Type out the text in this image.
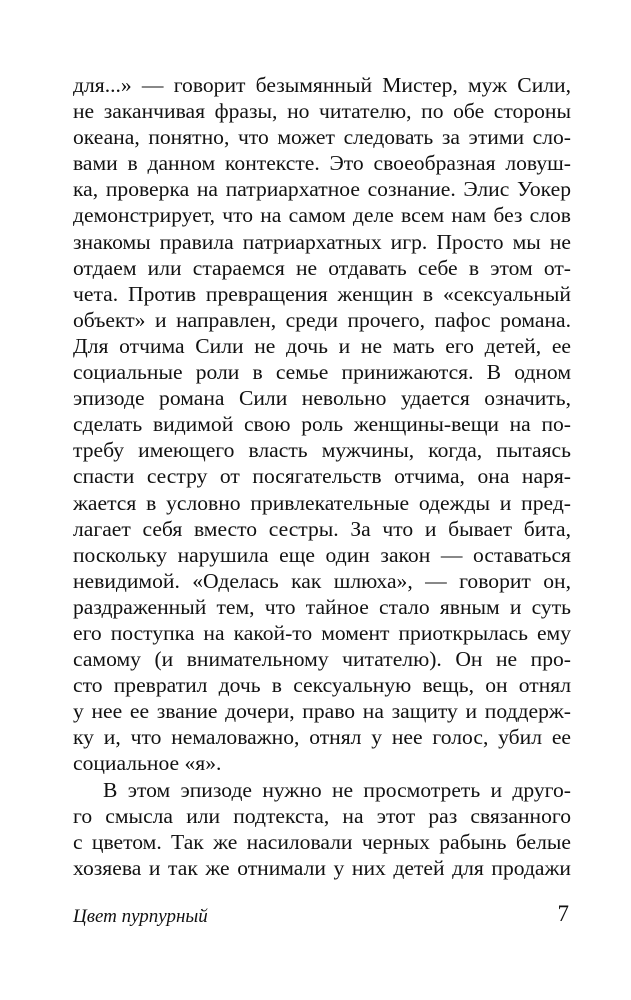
для...» — говорит безымянный Мистер, муж Сили,
не заканчивая фразы, но читателю, по обе стороны
океана, понятно, что может следовать за этими сло-
вами в данном контексте. Это своеобразная ловуш-
ка, проверка на патриархатное сознание. Элис Уокер
демонстрирует, что на самом деле всем нам без слов
знакомы правила патриархатных игр. Просто мы не
отдаем или стараемся не отдавать себе в этом от-
чета. Против превращения женщин в «сексуальный
объект» и направлен, среди прочего, пафос романа.
Для отчима Сили не дочь и не мать его детей, ее
социальные роли в семье принижаются. В одном
эпизоде романа Сили невольно удается означить,
сделать видимой свою роль женщины-вещи на по-
требу имеющего власть мужчины, когда, пытаясь
спасти сестру от посягательств отчима, она наря-
жается в условно привлекательные одежды и пред-
лагает себя вместо сестры. За что и бывает бита,
поскольку нарушила еще один закон — оставаться
невидимой. «Оделась как шлюха», — говорит он,
раздраженный тем, что тайное стало явным и суть
его поступка на какой-то момент приоткрылась ему
самому (и внимательному читателю). Он не про-
сто превратил дочь в сексуальную вещь, он отнял
у нее ее звание дочери, право на защиту и поддерж-
ку и, что немаловажно, отнял у нее голос, убил ее
социальное «я».
В этом эпизоде нужно не просмотреть и друго-
го смысла или подтекста, на этот раз связанного
с цветом. Так же насиловали черных рабынь белые
хозяева и так же отнимали у них детей для продажи
Цвет пурпурный	7
